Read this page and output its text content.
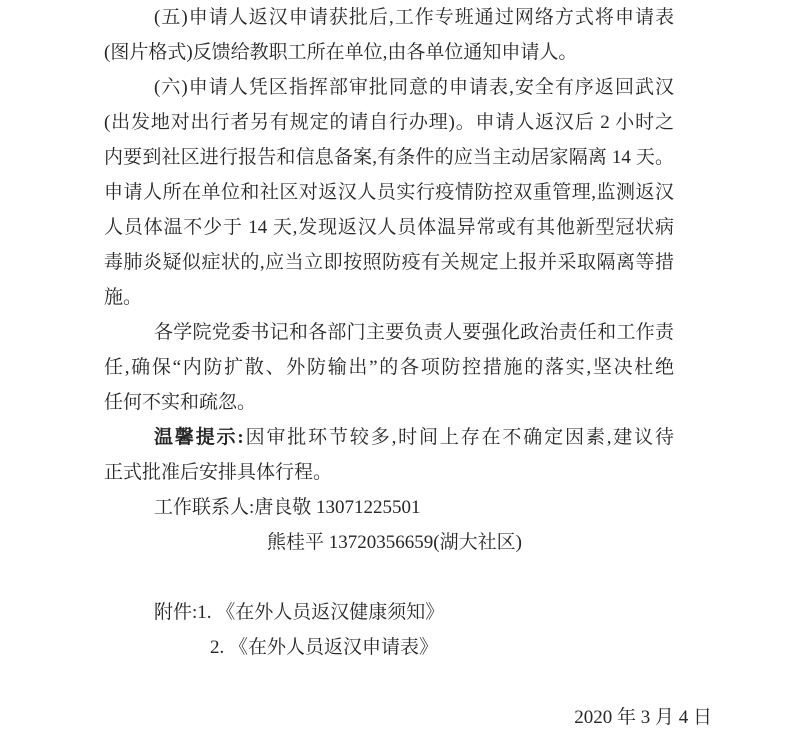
(五)申请人返汉申请获批后,工作专班通过网络方式将申请表
(图片格式)反馈给教职工所在单位,由各单位通知申请人。
(六)申请人凭区指挥部审批同意的申请表,安全有序返回武汉
(出发地对出行者另有规定的请自行办理)。申请人返汉后 2 小时之
内要到社区进行报告和信息备案,有条件的应当主动居家隔离 14 天。
申请人所在单位和社区对返汉人员实行疫情防控双重管理,监测返汉
人员体温不少于 14 天,发现返汉人员体温异常或有其他新型冠状病
毒肺炎疑似症状的,应当立即按照防疫有关规定上报并采取隔离等措
施。
各学院党委书记和各部门主要负责人要强化政治责任和工作责
任,确保“内防扩散、外防输出”的各项防控措施的落实,坚决杜绝
任何不实和疏忽。
温馨提示:因审批环节较多,时间上存在不确定因素,建议待
正式批准后安排具体行程。
工作联系人:唐良敬 13071225501
熊桂平 13720356659(湖大社区)
附件:1. 《在外人员返汉健康须知》
2. 《在外人员返汉申请表》
2020 年 3 月 4 日
